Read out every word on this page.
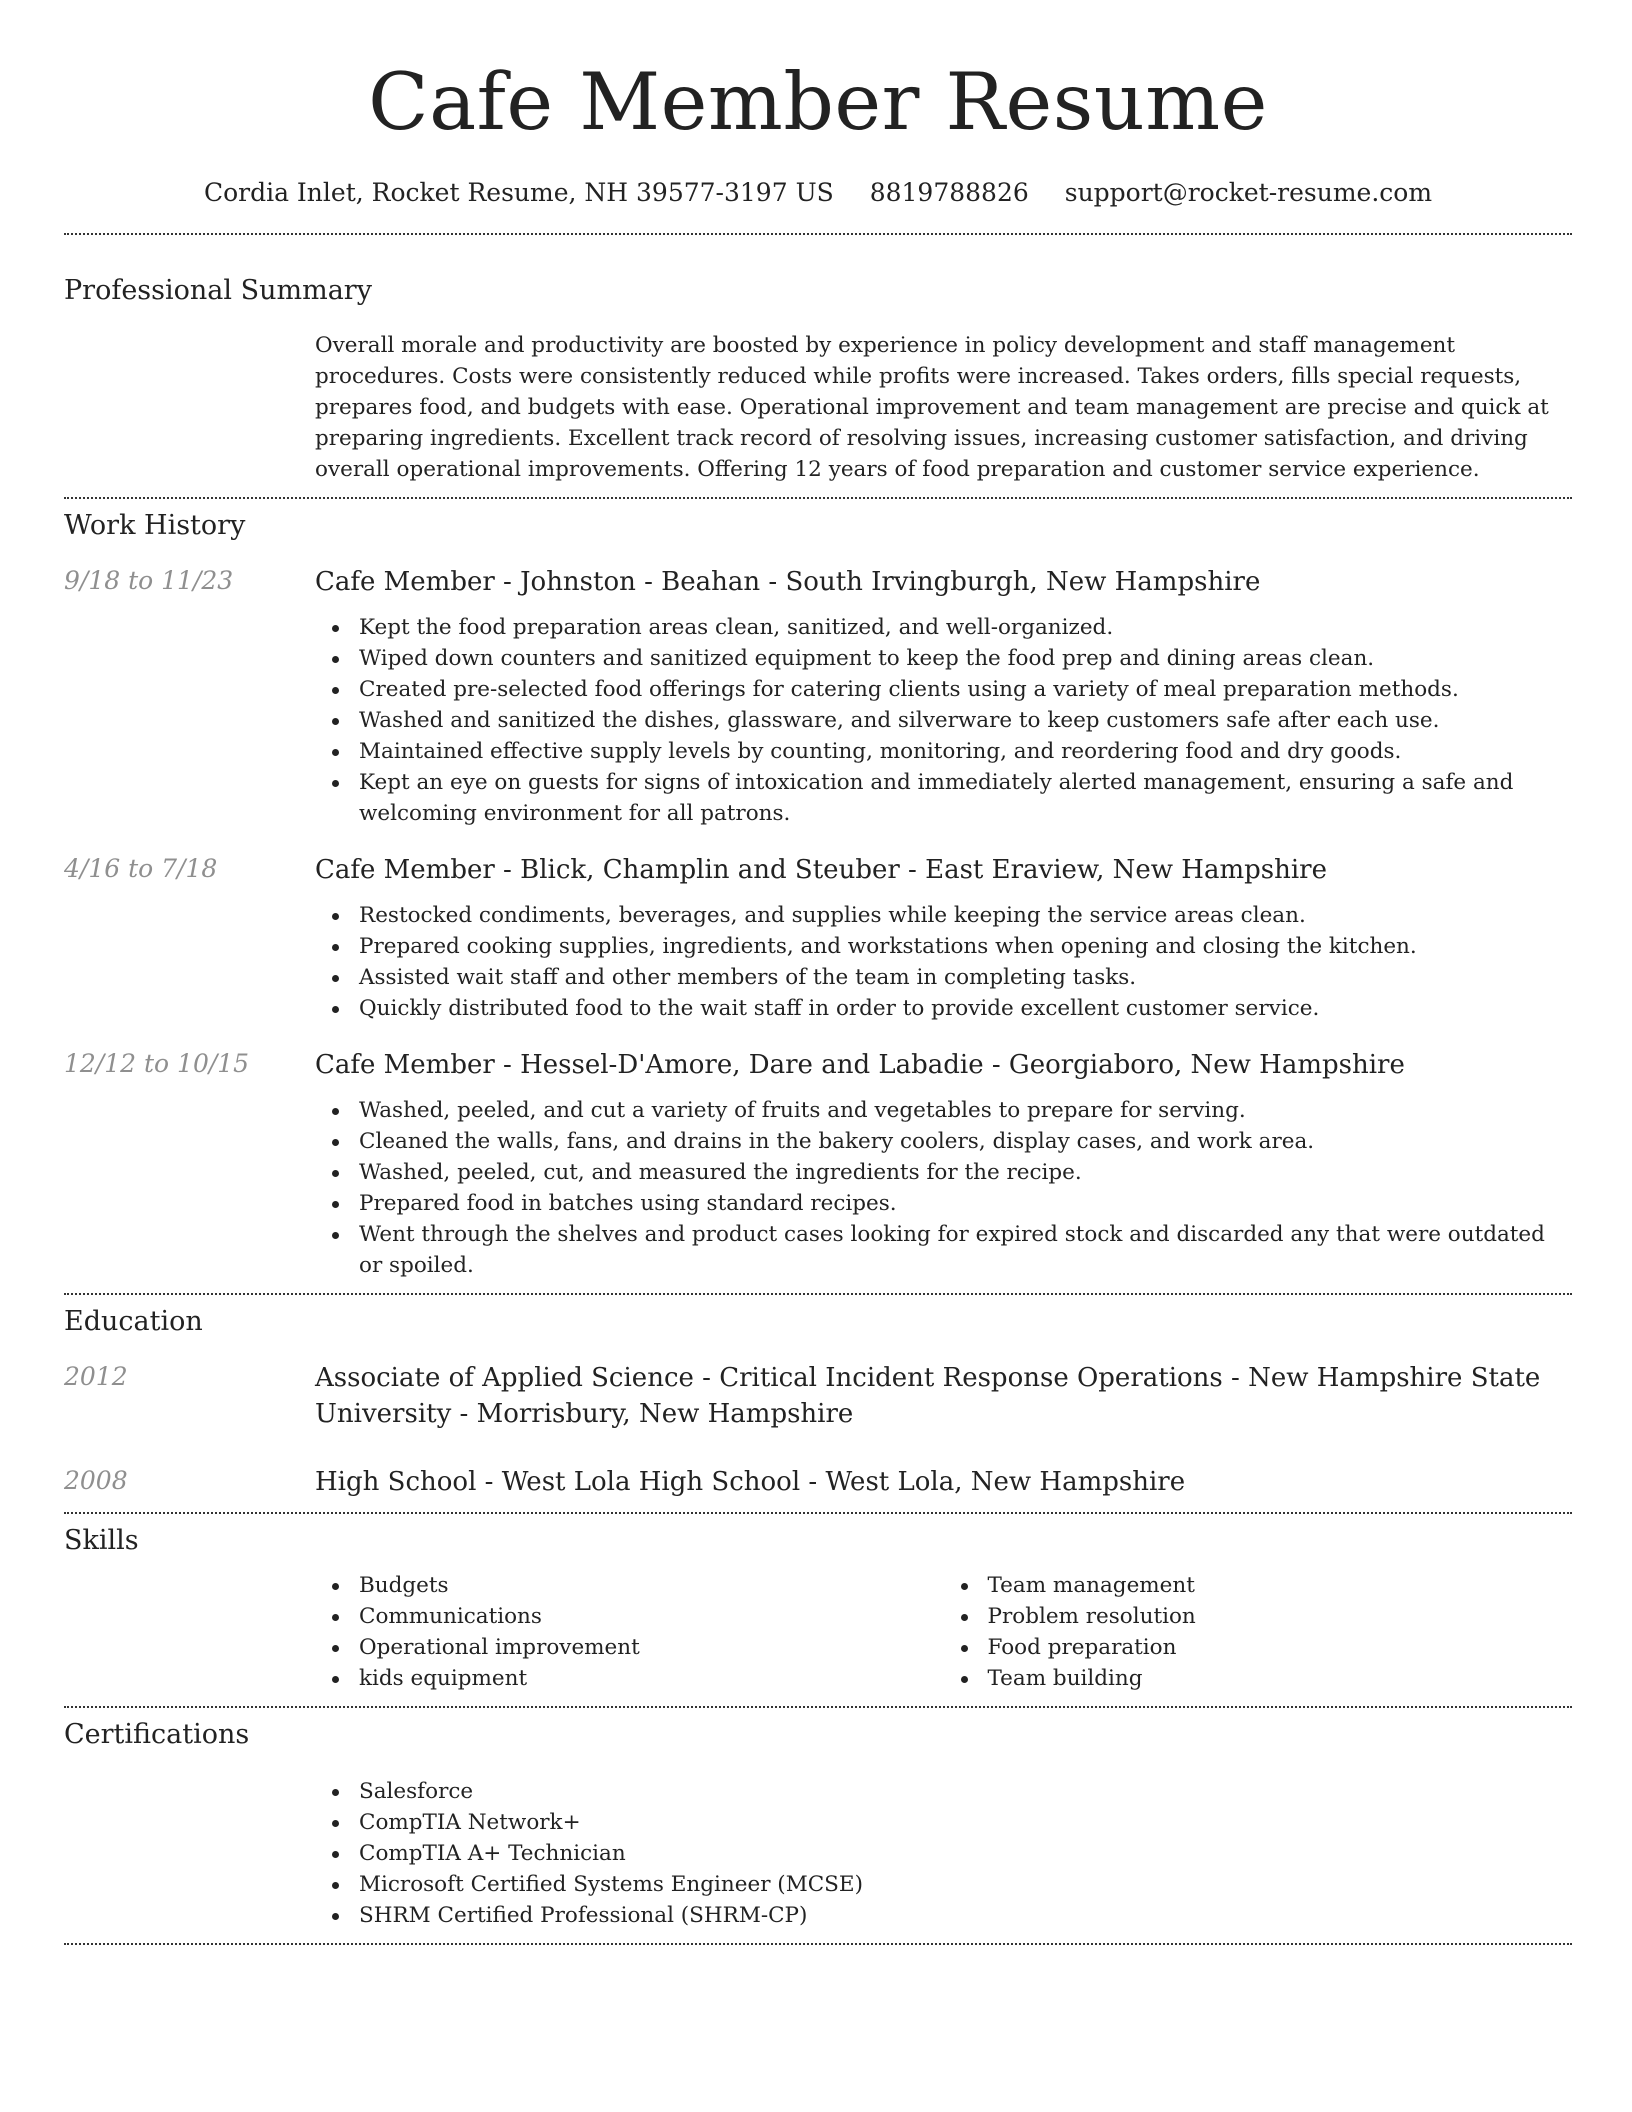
Cafe Member Resume
Cordia Inlet, Rocket Resume, NH 39577-3197 US 8819788826 support@rocket-resume.com
Professional Summary
Overall morale and productivity are boosted by experience in policy development and staff management procedures. Costs were consistently reduced while profits were increased. Takes orders, fills special requests, prepares food, and budgets with ease. Operational improvement and team management are precise and quick at preparing ingredients. Excellent track record of resolving issues, increasing customer satisfaction, and driving overall operational improvements. Offering 12 years of food preparation and customer service experience.
Work History
9/18 to 11/23	Cafe Member - Johnston - Beahan - South Irvingburgh, New Hampshire
Kept the food preparation areas clean, sanitized, and well-organized.
Wiped down counters and sanitized equipment to keep the food prep and dining areas clean.
Created pre-selected food offerings for catering clients using a variety of meal preparation methods.
Washed and sanitized the dishes, glassware, and silverware to keep customers safe after each use.
Maintained effective supply levels by counting, monitoring, and reordering food and dry goods.
Kept an eye on guests for signs of intoxication and immediately alerted management, ensuring a safe and welcoming environment for all patrons.
4/16 to 7/18	Cafe Member - Blick, Champlin and Steuber - East Eraview, New Hampshire
Restocked condiments, beverages, and supplies while keeping the service areas clean.
Prepared cooking supplies, ingredients, and workstations when opening and closing the kitchen.
Assisted wait staff and other members of the team in completing tasks.
Quickly distributed food to the wait staff in order to provide excellent customer service.
12/12 to 10/15	Cafe Member - Hessel-D'Amore, Dare and Labadie - Georgiaboro, New Hampshire
Washed, peeled, and cut a variety of fruits and vegetables to prepare for serving.
Cleaned the walls, fans, and drains in the bakery coolers, display cases, and work area.
Washed, peeled, cut, and measured the ingredients for the recipe.
Prepared food in batches using standard recipes.
Went through the shelves and product cases looking for expired stock and discarded any that were outdated or spoiled.
Education
2012	Associate of Applied Science - Critical Incident Response Operations - New Hampshire State University - Morrisbury, New Hampshire
2008	High School - West Lola High School - West Lola, New Hampshire
Skills
Budgets
Communications
Operational improvement
kids equipment
Team management
Problem resolution
Food preparation
Team building
Certifications
Salesforce
CompTIA Network+
CompTIA A+ Technician
Microsoft Certified Systems Engineer (MCSE)
SHRM Certified Professional (SHRM-CP)
